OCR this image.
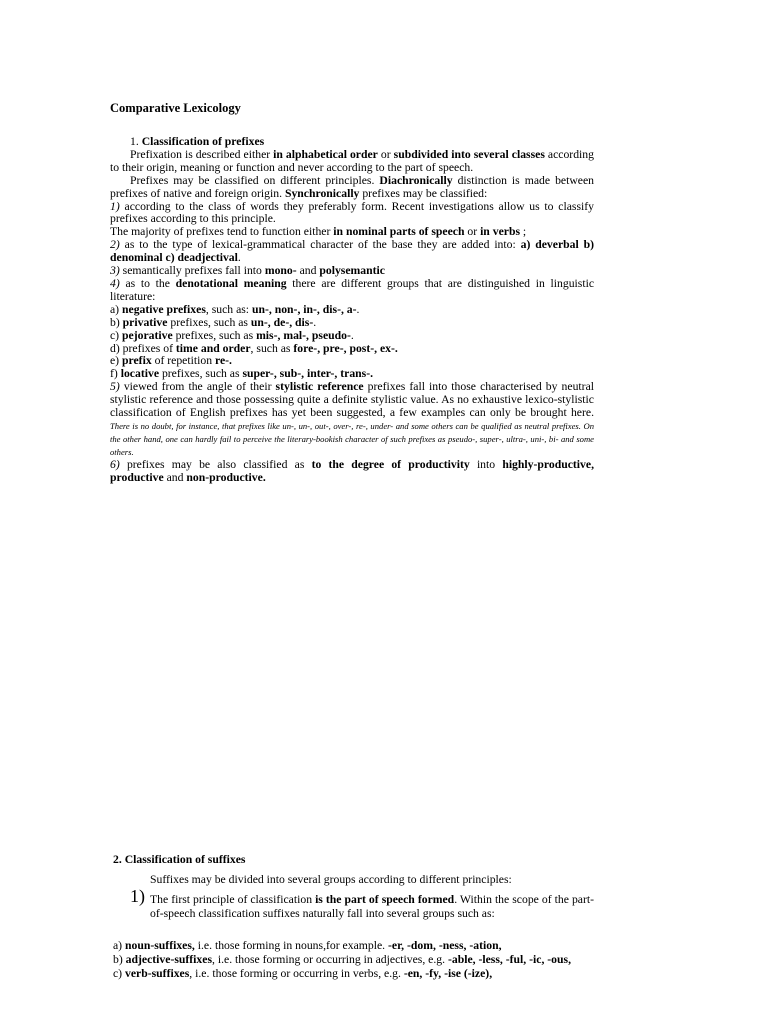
Comparative Lexicology

1. Classification of prefixes

Prefixation is described either in alphabetical order or subdivided into several classes according to their origin, meaning or function and never according to the part of speech.

Prefixes may be classified on different principles. Diachronically distinction is made between prefixes of native and foreign origin. Synchronically prefixes may be classified:

1) according to the class of words they preferably form. Recent investigations allow us to classify prefixes according to this principle.

The majority of prefixes tend to function either in nominal parts of speech or in verbs ;

2) as to the type of lexical-grammatical character of the base they are added into: a) deverbal b) denominal c) deadjectival.

3) semantically prefixes fall into mono- and polysemantic

4) as to the denotational meaning there are different groups that are distinguished in linguistic literature:

a) negative prefixes, such as: un-, non-, in-, dis-, a-.

b) privative prefixes, such as un-, de-, dis-.

c) pejorative prefixes, such as mis-, mal-, pseudo-.

d) prefixes of time and order, such as fore-, pre-, post-, ex-.

e) prefix of repetition re-.

f) locative prefixes, such as super-, sub-, inter-, trans-.

5) viewed from the angle of their stylistic reference prefixes fall into those characterised by neutral stylistic reference and those possessing quite a definite stylistic value. As no exhaustive lexico-stylistic classification of English prefixes has yet been suggested, a few examples can only be brought here. There is no doubt, for instance, that prefixes like un-, un-, out-, over-, re-, under- and some others can be qualified as neutral prefixes. On the other hand, one can hardly fail to perceive the literary-bookish character of such prefixes as pseudo-, super-, ultra-, uni-, bi- and some others.

6) prefixes may be also classified as to the degree of productivity into highly-productive, productive and non-productive.

2. Classification of suffixes

Suffixes may be divided into several groups according to different principles:

1) The first principle of classification is the part of speech formed. Within the scope of the part-of-speech classification suffixes naturally fall into several groups such as:

a) noun-suffixes, i.e. those forming in nouns,for example. -er, -dom, -ness, -ation,

b) adjective-suffixes, i.e. those forming or occurring in adjectives, e.g. -able, -less, -ful, -ic, -ous,

c) verb-suffixes, i.e. those forming or occurring in verbs, e.g. -en, -fy, -ise (-ize),
